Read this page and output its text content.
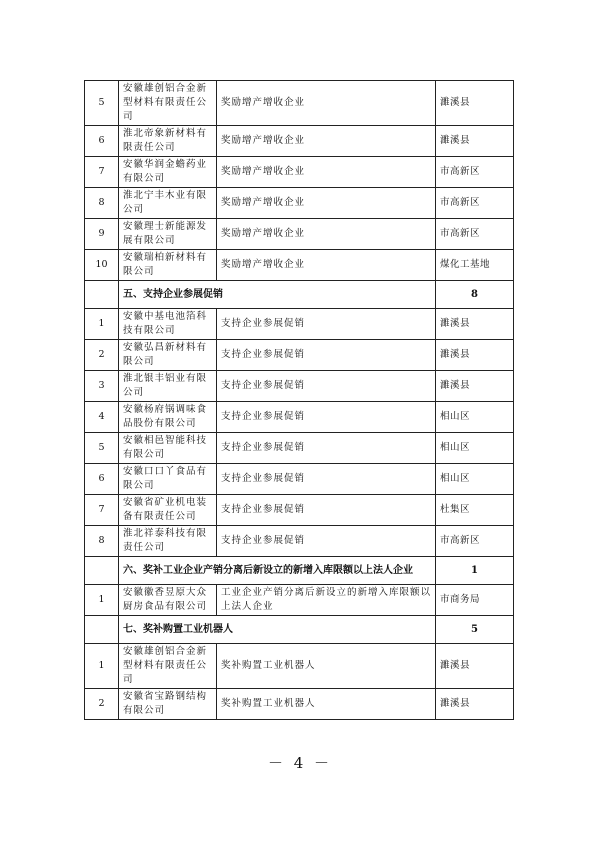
5	安徽雄创铝合金新型材料有限责任公司	奖励增产增收企业	濉溪县
6	淮北帝象新材料有限责任公司	奖励增产增收企业	濉溪县
7	安徽华润金蟾药业有限公司	奖励增产增收企业	市高新区
8	淮北宁丰木业有限公司	奖励增产增收企业	市高新区
9	安徽理士新能源发展有限公司	奖励增产增收企业	市高新区
10	安徽瑞柏新材料有限公司	奖励增产增收企业	煤化工基地
	五、支持企业参展促销		8
1	安徽中基电池箔科技有限公司	支持企业参展促销	濉溪县
2	安徽弘昌新材料有限公司	支持企业参展促销	濉溪县
3	淮北银丰铝业有限公司	支持企业参展促销	濉溪县
4	安徽杨府锅调味食品股份有限公司	支持企业参展促销	相山区
5	安徽相邑智能科技有限公司	支持企业参展促销	相山区
6	安徽口口丫食品有限公司	支持企业参展促销	相山区
7	安徽省矿业机电装备有限责任公司	支持企业参展促销	杜集区
8	淮北祥泰科技有限责任公司	支持企业参展促销	市高新区
	六、奖补工业企业产销分离后新设立的新增入库限额以上法人企业		1
1	安徽徽香昱原大众厨房食品有限公司	工业企业产销分离后新设立的新增入库限额以上法人企业	市商务局
	七、奖补购置工业机器人		5
1	安徽雄创铝合金新型材料有限责任公司	奖补购置工业机器人	濉溪县
2	安徽省宝路钢结构有限公司	奖补购置工业机器人	濉溪县
－ 4 －
